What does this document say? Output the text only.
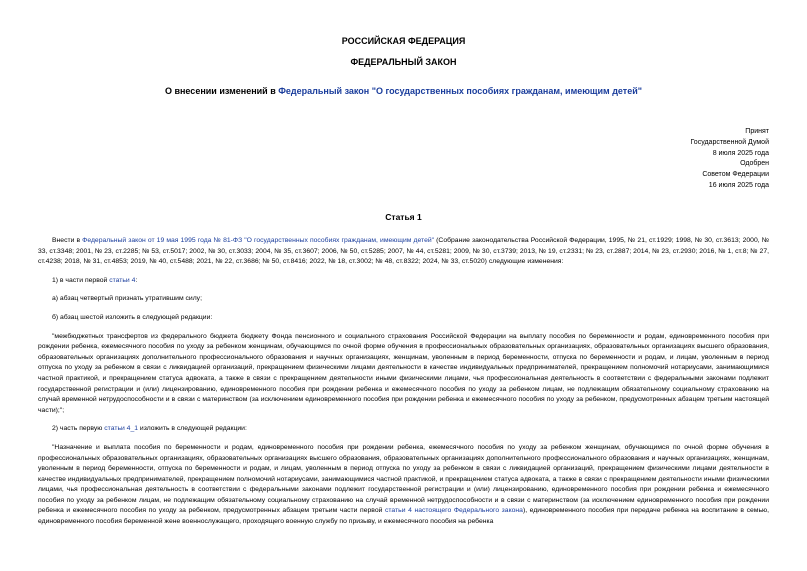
РОССИЙСКАЯ ФЕДЕРАЦИЯ
ФЕДЕРАЛЬНЫЙ ЗАКОН
О внесении изменений в Федеральный закон "О государственных пособиях гражданам, имеющим детей"
Принят
Государственной Думой
8 июля 2025 года
Одобрен
Советом Федерации
16 июля 2025 года
Статья 1

Внести в Федеральный закон от 19 мая 1995 года № 81-ФЗ "О государственных пособиях гражданам, имеющим детей" (Собрание законодательства Российской Федерации, 1995, № 21, ст.1929; 1998, № 30, ст.3613; 2000, № 33, ст.3348; 2001, № 23, ст.2285; № 53, ст.5017; 2002, № 30, ст.3033; 2004, № 35, ст.3607; 2006, № 50, ст.5285; 2007, № 44, ст.5281; 2009, № 30, ст.3739; 2013, № 19, ст.2331; № 23, ст.2887; 2014, № 23, ст.2930; 2016, № 1, ст.8; № 27, ст.4238; 2018, № 31, ст.4853; 2019, № 40, ст.5488; 2021, № 22, ст.3686; № 50, ст.8416; 2022, № 18, ст.3002; № 48, ст.8322; 2024, № 33, ст.5020) следующие изменения:

1) в части первой статьи 4:

а) абзац четвертый признать утратившим силу;

б) абзац шестой изложить в следующей редакции:

"межбюджетных трансфертов из федерального бюджета бюджету Фонда пенсионного и социального страхования Российской Федерации на выплату пособия по беременности и родам, единовременного пособия при рождении ребенка, ежемесячного пособия по уходу за ребенком женщинам, обучающимся по очной форме обучения в профессиональных образовательных организациях, образовательных организациях высшего образования, образовательных организациях дополнительного профессионального образования и научных организациях, женщинам, уволенным в период беременности, отпуска по беременности и родам, и лицам, уволенным в период отпуска по уходу за ребенком в связи с ликвидацией организаций, прекращением физическими лицами деятельности в качестве индивидуальных предпринимателей, прекращением полномочий нотариусами, занимающимися частной практикой, и прекращением статуса адвоката, а также в связи с прекращением деятельности иными физическими лицами, чья профессиональная деятельность в соответствии с федеральными законами подлежит государственной регистрации и (или) лицензированию, единовременного пособия при рождении ребенка и ежемесячного пособия по уходу за ребенком лицам, не подлежащим обязательному социальному страхованию на случай временной нетрудоспособности и в связи с материнством (за исключением единовременного пособия при рождении ребенка и ежемесячного пособия по уходу за ребенком, предусмотренных абзацем третьим настоящей части);";

2) часть первую статьи 4_1 изложить в следующей редакции:

"Назначение и выплата пособия по беременности и родам, единовременного пособия при рождении ребенка, ежемесячного пособия по уходу за ребенком женщинам, обучающимся по очной форме обучения в профессиональных образовательных организациях, образовательных организациях высшего образования, образовательных организациях дополнительного профессионального образования и научных организациях, женщинам, уволенным в период беременности, отпуска по беременности и родам, и лицам, уволенным в период отпуска по уходу за ребенком в связи с ликвидацией организаций, прекращением физическими лицами деятельности в качестве индивидуальных предпринимателей, прекращением полномочий нотариусами, занимающимися частной практикой, и прекращением статуса адвоката, а также в связи с прекращением деятельности иными физическими лицами, чья профессиональная деятельность в соответствии с федеральными законами подлежит государственной регистрации и (или) лицензированию, единовременного пособия при рождении ребенка и ежемесячного пособия по уходу за ребенком лицам, не подлежащим обязательному социальному страхованию на случай временной нетрудоспособности и в связи с материнством (за исключением единовременного пособия при рождении ребенка и ежемесячного пособия по уходу за ребенком, предусмотренных абзацем третьим части первой статьи 4 настоящего Федерального закона), единовременного пособия при передаче ребенка на воспитание в семью, единовременного пособия беременной жене военнослужащего, проходящего военную службу по призыву, и ежемесячного пособия на ребенка
